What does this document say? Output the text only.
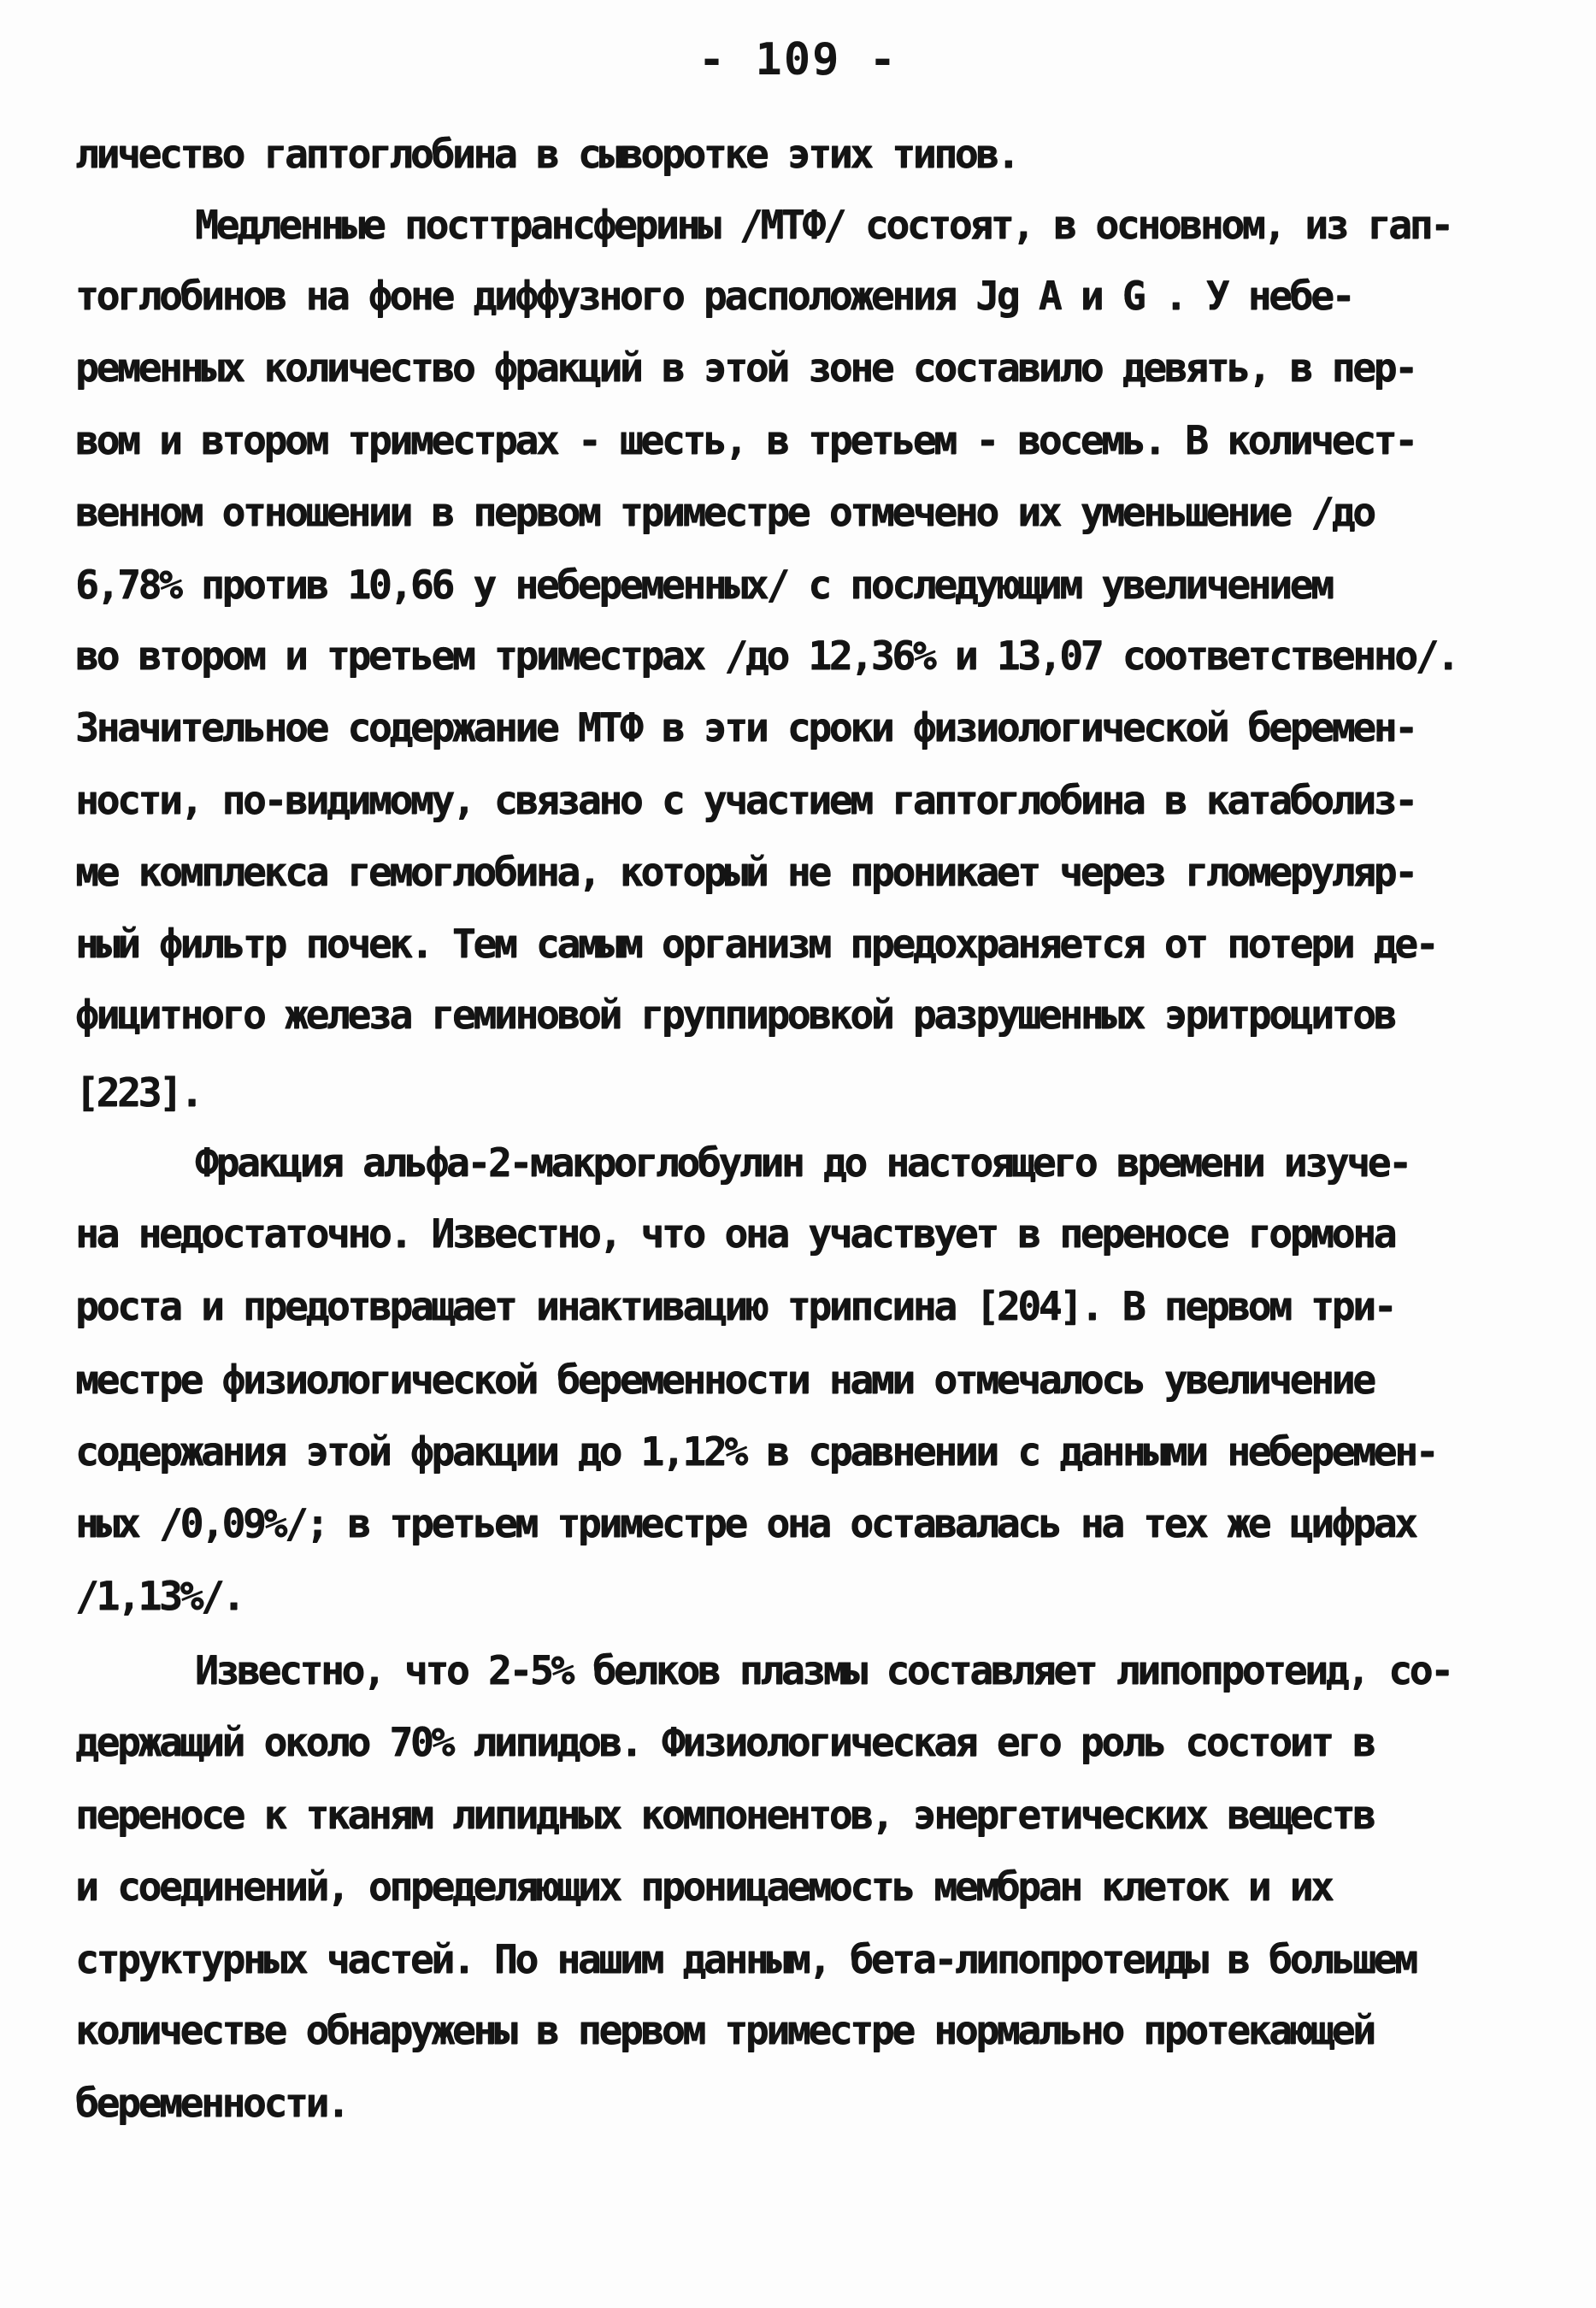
- 109 -
личество гаптоглобина в сыворотке этих типов.
Медленные посттрансферины /МТФ/ состоят, в основном, из гап-
тоглобинов на фоне диффузного расположения Jg A и G . У небе-
ременных количество фракций в этой зоне составило девять, в пер-
вом и втором триместрах - шесть, в третьем - восемь. В количест-
венном отношении в первом триместре отмечено их уменьшение /до
6,78% против 10,66 у небеременных/ с последующим увеличением
во втором и третьем триместрах /до 12,36% и 13,07 соответственно/.
Значительное содержание МТФ в эти сроки физиологической беремен-
ности, по-видимому, связано с участием гаптоглобина в катаболиз-
ме комплекса гемоглобина, который не проникает через гломеруляр-
ный фильтр почек. Тем самым организм предохраняется от потери де-
фицитного железа геминовой группировкой разрушенных эритроцитов
[223].
Фракция альфа-2-макроглобулин до настоящего времени изуче-
на недостаточно. Известно, что она участвует в переносе гормона
роста и предотвращает инактивацию трипсина [204]. В первом три-
местре физиологической беременности нами отмечалось увеличение
содержания этой фракции до 1,12% в сравнении с данными неберемен-
ных /0,09%/; в третьем триместре она оставалась на тех же цифрах
/1,13%/.
Известно, что 2-5% белков плазмы составляет липопротеид, со-
держащий около 70% липидов. Физиологическая его роль состоит в
переносе к тканям липидных компонентов, энергетических веществ
и соединений, определяющих проницаемость мембран клеток и их
структурных частей. По нашим данным, бета-липопротеиды в большем
количестве обнаружены в первом триместре нормально протекающей
беременности.
